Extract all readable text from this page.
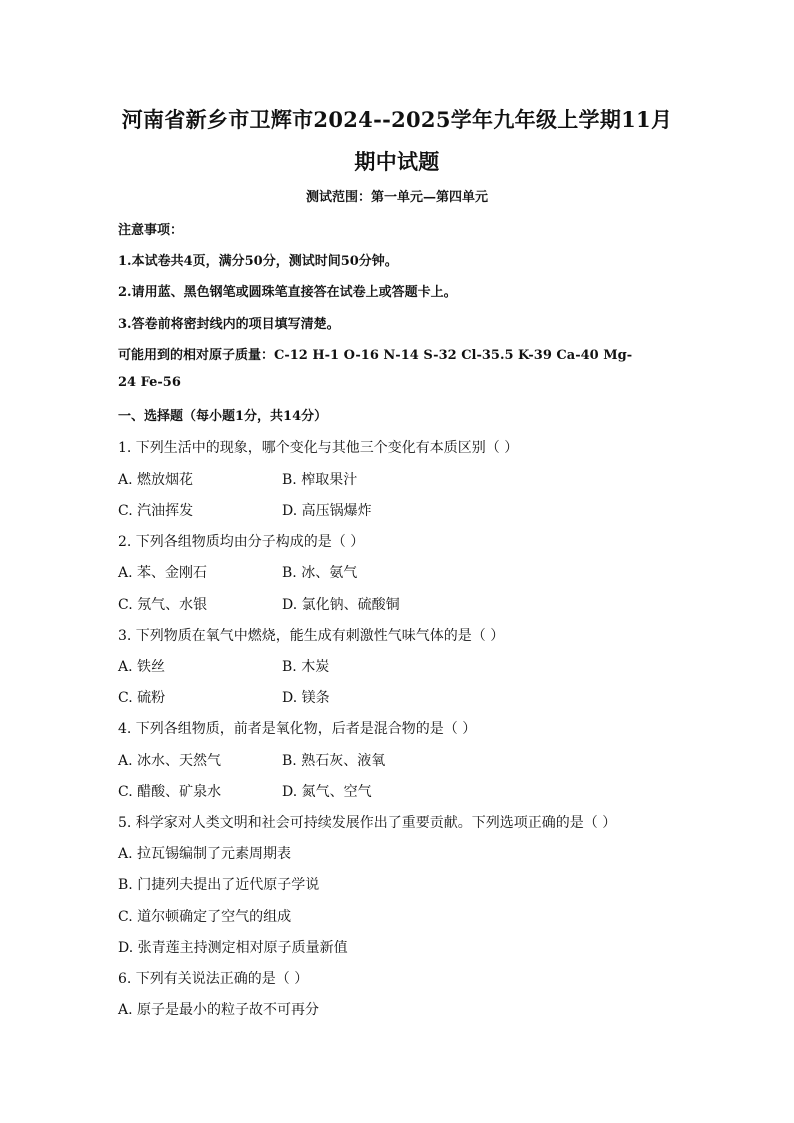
河南省新乡市卫辉市2024--2025学年九年级上学期11月
期中试题
测试范围：第一单元—第四单元
注意事项：
1.本试卷共4页，满分50分，测试时间50分钟。
2.请用蓝、黑色钢笔或圆珠笔直接答在试卷上或答题卡上。
3.答卷前将密封线内的项目填写清楚。
可能用到的相对原子质量：C-12 H-1 O-16 N-14 S-32 Cl-35.5 K-39 Ca-40 Mg-
24 Fe-56
一、选择题（每小题1分，共14分）
1. 下列生活中的现象，哪个变化与其他三个变化有本质区别（ ）
A. 燃放烟花	B. 榨取果汁
C. 汽油挥发	D. 高压锅爆炸
2. 下列各组物质均由分子构成的是（ ）
A. 苯、金刚石	B. 冰、氨气
C. 氖气、水银	D. 氯化钠、硫酸铜
3. 下列物质在氧气中燃烧，能生成有刺激性气味气体的是（ ）
A. 铁丝	B. 木炭
C. 硫粉	D. 镁条
4. 下列各组物质，前者是氧化物，后者是混合物的是（ ）
A. 冰水、天然气	B. 熟石灰、液氧
C. 醋酸、矿泉水	D. 氮气、空气
5. 科学家对人类文明和社会可持续发展作出了重要贡献。下列选项正确的是（ ）
A. 拉瓦锡编制了元素周期表
B. 门捷列夫提出了近代原子学说
C. 道尔顿确定了空气的组成
D. 张青莲主持测定相对原子质量新值
6. 下列有关说法正确的是（ ）
A. 原子是最小的粒子故不可再分
